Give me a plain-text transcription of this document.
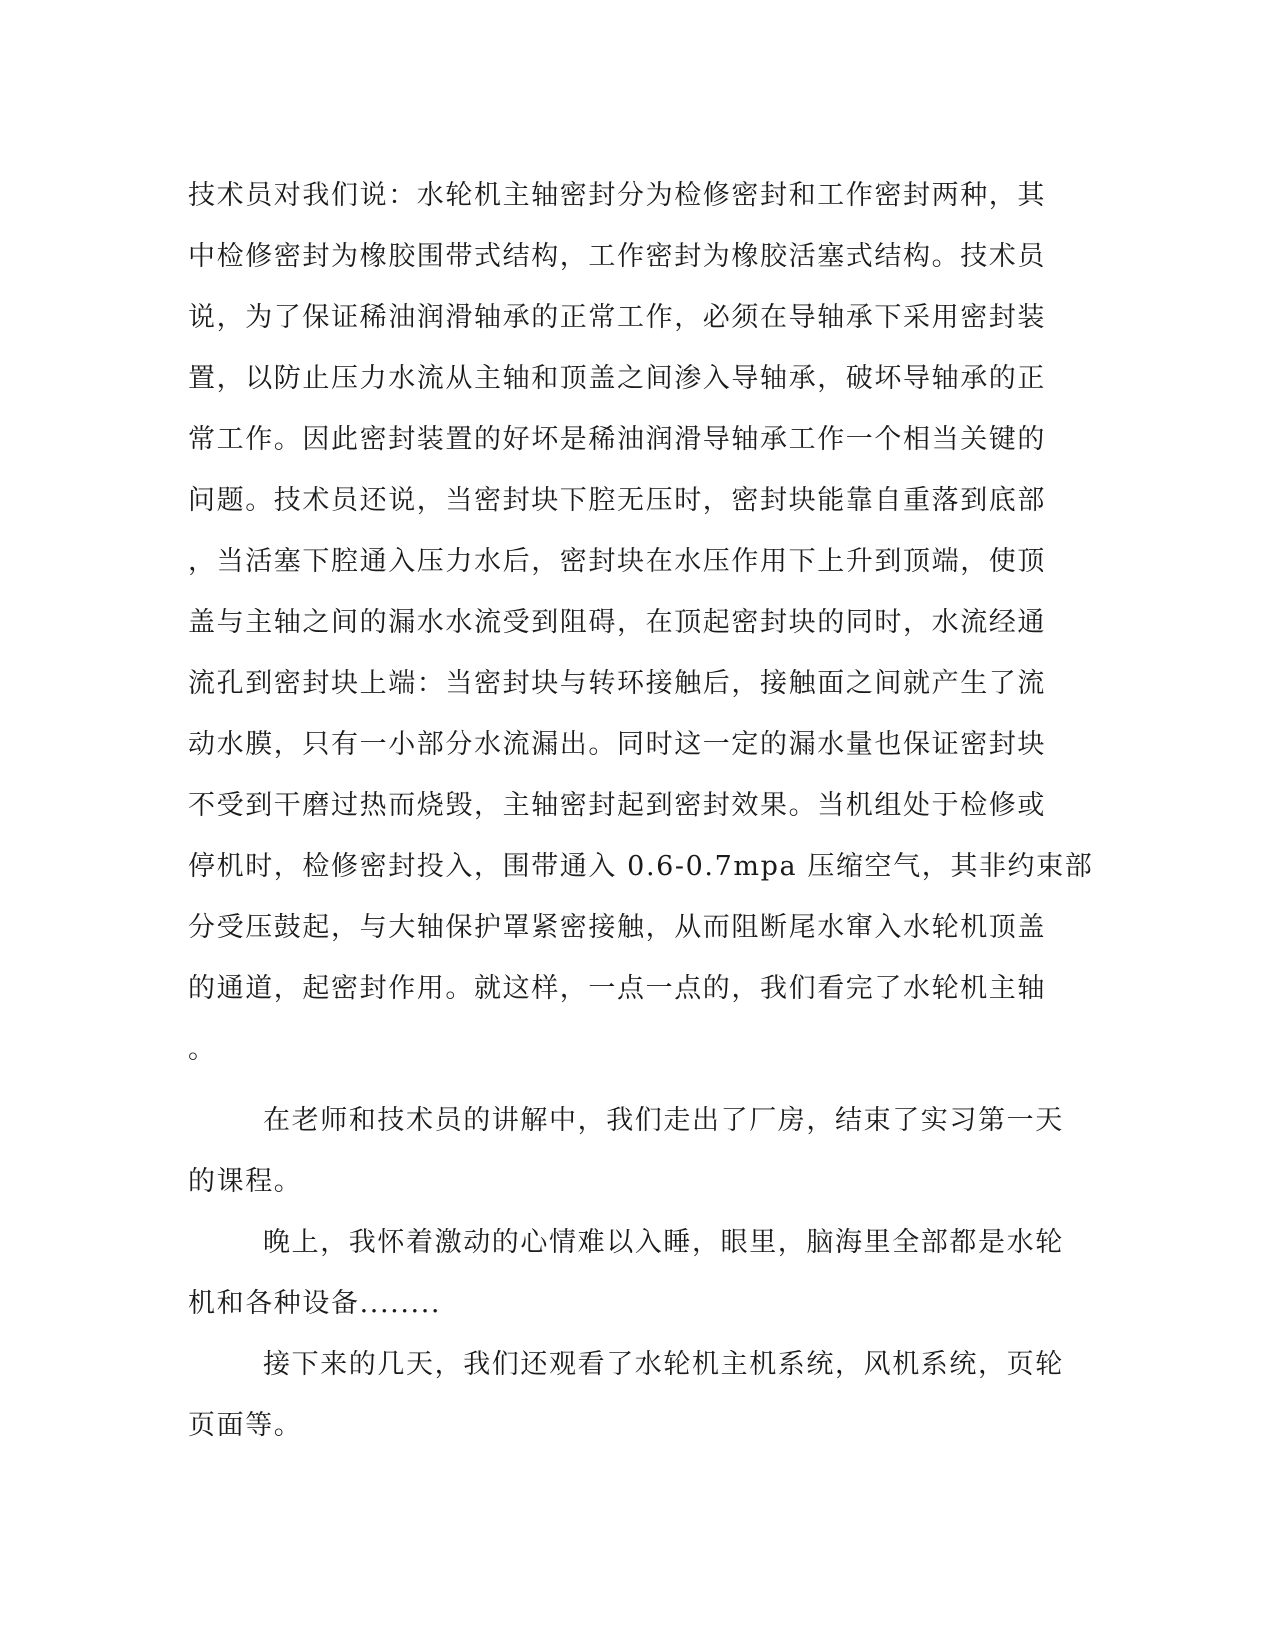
技术员对我们说：水轮机主轴密封分为检修密封和工作密封两种，其
中检修密封为橡胶围带式结构，工作密封为橡胶活塞式结构。技术员
说，为了保证稀油润滑轴承的正常工作，必须在导轴承下采用密封装
置，以防止压力水流从主轴和顶盖之间渗入导轴承，破坏导轴承的正
常工作。因此密封装置的好坏是稀油润滑导轴承工作一个相当关键的
问题。技术员还说，当密封块下腔无压时，密封块能靠自重落到底部
，当活塞下腔通入压力水后，密封块在水压作用下上升到顶端，使顶
盖与主轴之间的漏水水流受到阻碍，在顶起密封块的同时，水流经通
流孔到密封块上端：当密封块与转环接触后，接触面之间就产生了流
动水膜，只有一小部分水流漏出。同时这一定的漏水量也保证密封块
不受到干磨过热而烧毁，主轴密封起到密封效果。当机组处于检修或
停机时，检修密封投入，围带通入 0.6-0.7mpa 压缩空气，其非约束部
分受压鼓起，与大轴保护罩紧密接触，从而阻断尾水窜入水轮机顶盖
的通道，起密封作用。就这样，一点一点的，我们看完了水轮机主轴
。
在老师和技术员的讲解中，我们走出了厂房，结束了实习第一天
的课程。
晚上，我怀着激动的心情难以入睡，眼里，脑海里全部都是水轮
机和各种设备........
接下来的几天，我们还观看了水轮机主机系统，风机系统，页轮
页面等。
